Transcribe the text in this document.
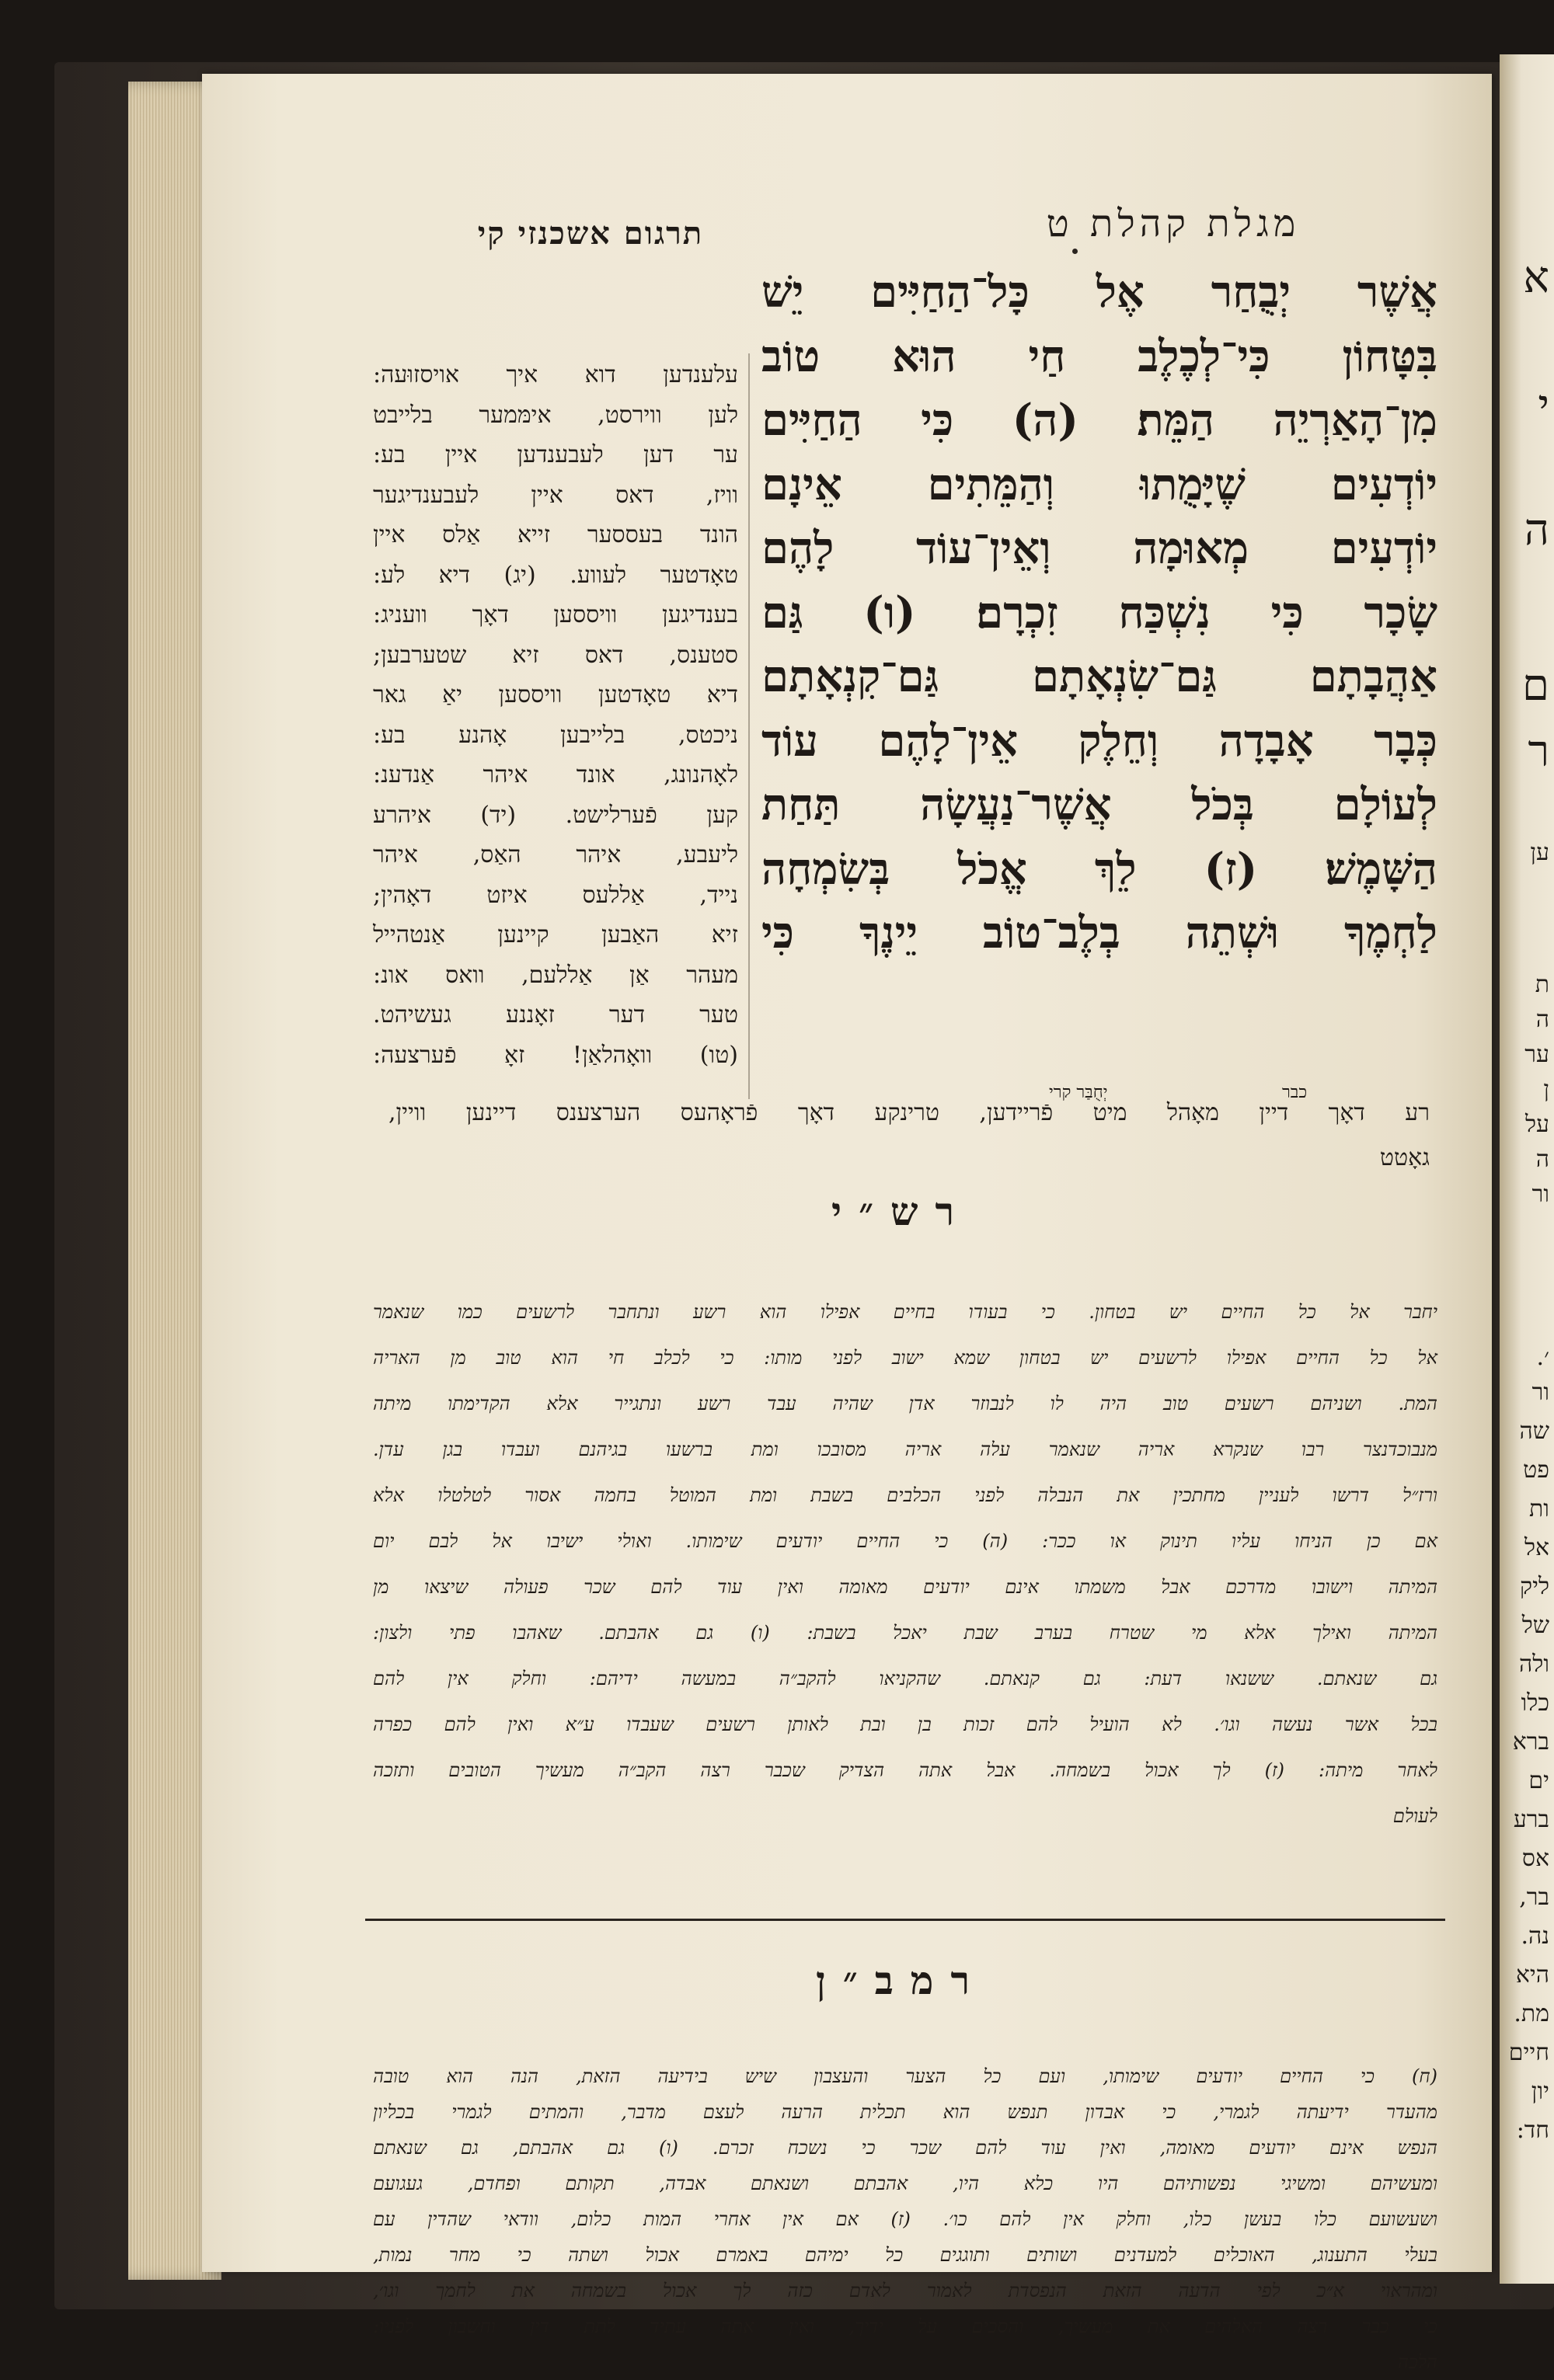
מגלת קהלת ט
תרגום אשכנזי קי
אֲשֶׁר יְבֻחַר אֶל כָּל־הַחַיִּים יֵשׁ
בִּטָּחוֹן כִּי־לְכֶלֶב חַי הוּא טוֹב
מִן־הָאַרְיֵה הַמֵּת׃ (ה) כִּי הַחַיִּים
יוֹדְעִים שֶׁיָּמֻתוּ וְהַמֵּתִים אֵינָם
יוֹדְעִים מְאוּמָה וְאֵין־עוֹד לָהֶם
שָׂכָר כִּי נִשְׁכַּח זִכְרָם׃ (ו) גַּם
אַהֲבָתָם גַּם־שִׂנְאָתָם גַּם־קִנְאָתָם
כְּבָר אָבָדָה וְחֵלֶק אֵין־לָהֶם עוֹד
לְעוֹלָם בְּכֹל אֲשֶׁר־נַעֲשָׂה תַּחַת
הַשָּׁמֶשׁ׃ (ז) לֵךְ אֱכֹל בְּשִׂמְחָה
לַחְמֶךָ וּשְׁתֵה בְלֶב־טוֹב יֵינֶךָ כִּי
כבר
יְחֻבַּר קרי
עלענדען דוא איך אויסזוּעה:
לען ווירסט, אימּמער בלייבט
ער דען לעבענדען איין בע:
וויז, דאס איין לעבענדיגער
הונד בעססער זייא אַלס איין
טאָדטער לעווע. (יג) דיא לע:
בענדיגען וויססען דאָך וועניג:
סטענס, דאס זיא שטערבען;
דיא טאָדטען וויססען יאַ גאר
ניכטס, בלייבען אָהנע בע:
לאָהנונג, אונד איהר אַנדענ:
קען פֿערלישט. (יד) איהרע
ליעבע, איהר האַס, איהר
נייד, אַללעס איזט דאָהין;
זיא האַבען קיינען אַנטהייל
מעהר אַן אַללעם, וואס אונ:
טער דער זאָננע געשיהט.
(טו) וואָהלאַן! זאָ פֿערצעה:
רע דאָך דיין מאָהל מיט פֿריידען, טרינקע דאָך פֿראָהעס הערצענס דיינען וויין,
גאָטט
רש״י
יחבר אל כל החיים יש בטחון. כי בעודו בחיים אפילו הוא רשע ונתחבר לרשעים כמו שנאמר
אל כל החיים אפילו לרשעים יש בטחון שמא ישוב לפני מותו: כי לכלב חי הוא טוב מן האריה
המת. ושניהם רשעים טוב היה לו לנבוזר אדן שהיה עבד רשע ונתגייר אלא הקדימתו מיתה
מנבוכדנצר רבו שנקרא אריה שנאמר עלה אריה מסובכו ומת ברשעו בגיהנם ועבדו בגן עדן.
ורז״ל דרשו לעניין מחתכין את הנבלה לפני הכלבים בשבת ומת המוטל בחמה אסור לטלטלו אלא
אם כן הניחו עליו תינוק או ככר: (ה) כי החיים יודעים שימותו. ואולי ישיבו אל לבם יום
המיתה וישובו מדרכם אבל משמתו אינם יודעים מאומה ואין עוד להם שכר פעולה שיצאו מן
המיתה ואילך אלא מי שטרח בערב שבת יאכל בשבת: (ו) גם אהבתם. שאהבו פתי ולצון:
גם שנאתם. ששנאו דעת: גם קנאתם. שהקניאו להקב״ה במעשה ידיהם: וחלק אין להם
בכל אשר נעשה וגו׳. לא הועיל להם זכות בן ובת לאותן רשעים שעבדו ע״א ואין להם כפרה
לאחר מיתה: (ז) לך אכול בשמחה. אבל אתה הצדיק שכבר רצה הקב״ה מעשיך הטובים ותזכה
לעולם
רמב״ן
(ח) כי החיים יודעים שימותו, ועם כל הצער והעצבון שיש בידיעה הזאת, הנה הוא טובה
מהעדר ידיעתה לגמרי, כי אבדון תנפש הוא תכלית הרעה לעצם מדבר, והמתים לגמרי בכליון
הנפש אינם יודעים מאומה, ואין עוד להם שכר כי נשכח זכרם. (ו) גם אהבתם, גם שנאתם
ומעשיהם ומשיגי נפשותיהם היו כלא היו, אהבתם ושנאתם אבדה, תקותם ופחדם, געגועם
ושעשועם כלו בעשן כלו, וחלק אין להם כו׳. (ז) אם אין אחרי המות כלום, וודאי שהדין עם
בעלי התענוג, האוכלים למעדנים ושותים ותוגגים כל ימיהם באמרם אכול ושתה כי מחר נמות,
ומהראוי א״כ לפי הדעה הזאת הנפסדת לאמור לאדם כזה לך אכול בשמחה את לחמך וגו׳,
כי כבר רצה האלהים את מעשיך, והסכים על ידיך, ואין אתה עתיד לתת דין וחשבון לפניו:
הלכה
א
י
ה
ם
ר
ען
ת
ה
ער
ן
על
ה
ור
׳.
ור
שה
פט
ות
אל
ליק
של
ולה
כלו
ברא
ים
ברע
אס
בר,
נה.
היא
מת.
חיים
יון
חד:
